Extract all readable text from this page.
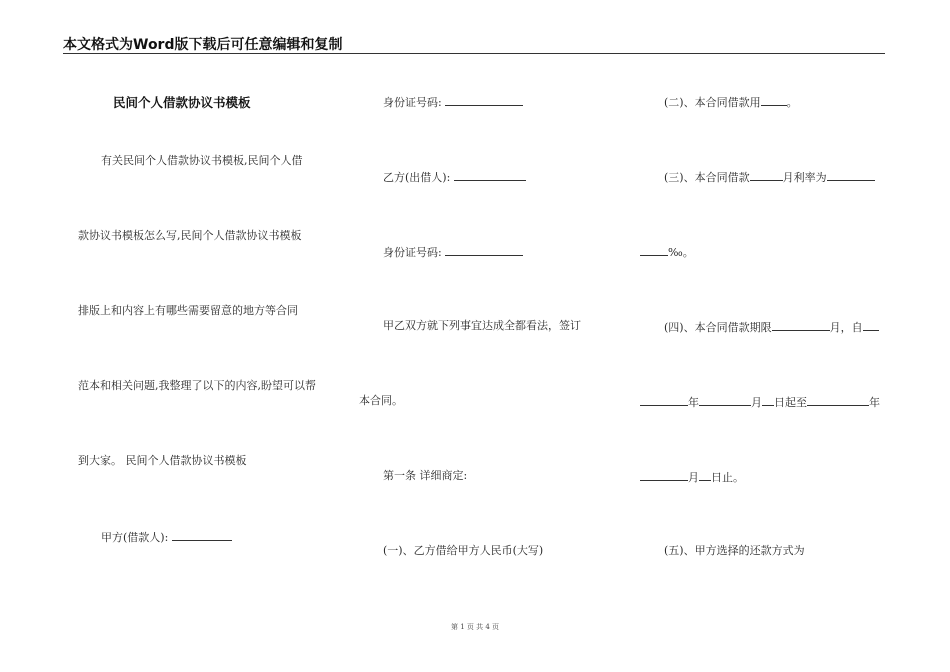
本文格式为Word版下载后可任意编辑和复制
民间个人借款协议书模板
有关民间个人借款协议书模板,民间个人借
款协议书模板怎么写,民间个人借款协议书模板
排版上和内容上有哪些需要留意的地方等合同
范本和相关问题,我整理了以下的内容,盼望可以帮
到大家。 民间个人借款协议书模板
甲方(借款人):
身份证号码:
乙方(出借人):
身份证号码:
甲乙双方就下列事宜达成全都看法，签订
本合同。
第一条 详细商定:
(一)、乙方借给甲方人民币(大写)
(二)、本合同借款用 。
(三)、本合同借款	月利率为
‰。
(四)、本合同借款期限	月，自
年	月 日起至	年
月 日止。
(五)、甲方选择的还款方式为
第 1 页 共 4 页
